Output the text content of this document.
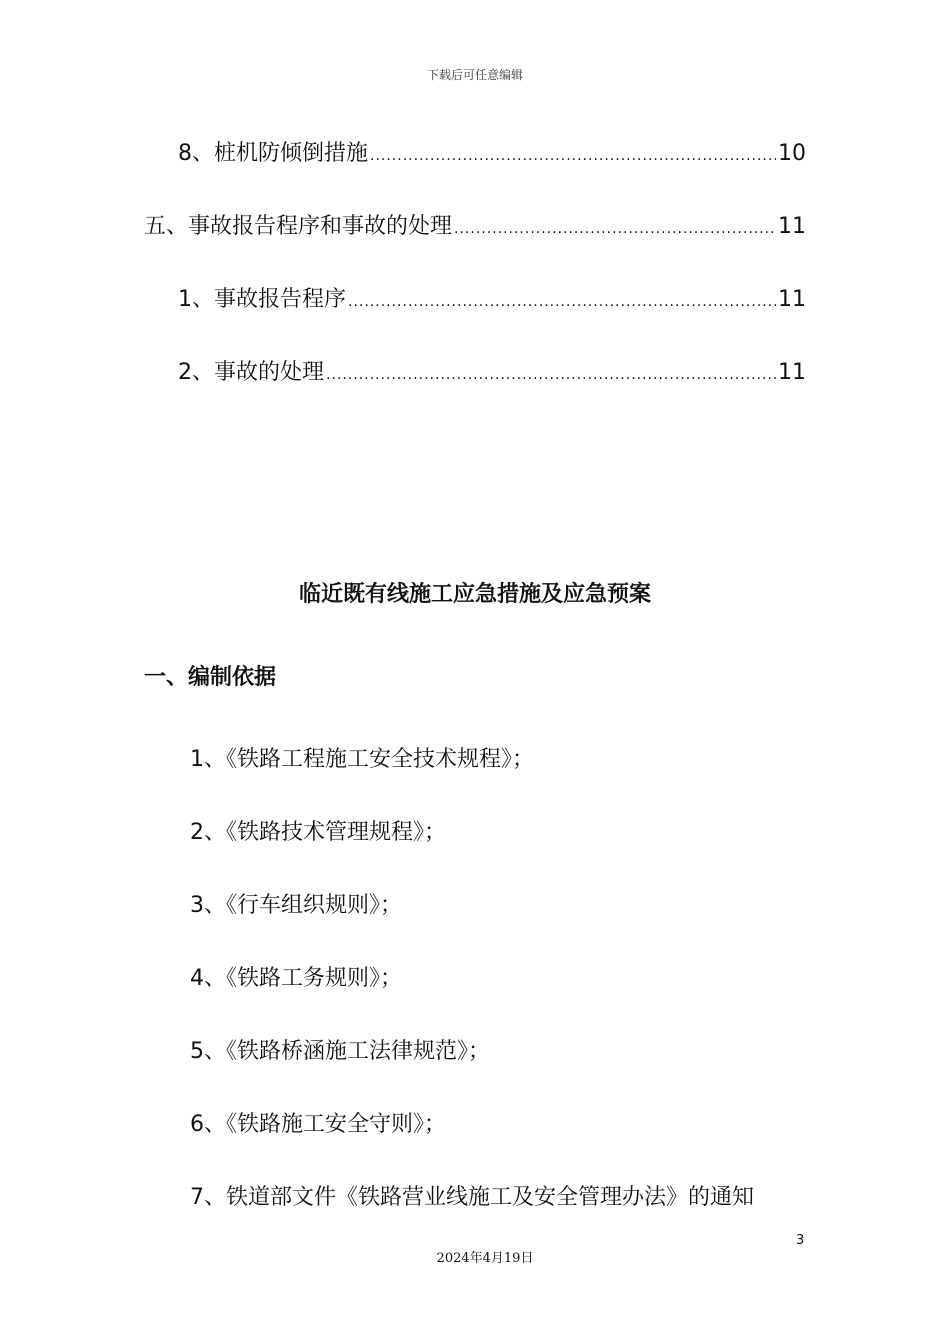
下载后可任意编辑
8、桩机防倾倒措施 .....	10
五、事故报告程序和事故的处理 .....	11
1、事故报告程序 .....	11
2、事故的处理 .....	11
临近既有线施工应急措施及应急预案
一、编制依据
1、《铁路工程施工安全技术规程》；
2、《铁路技术管理规程》；
3、《行车组织规则》；
4、《铁路工务规则》；
5、《铁路桥涵施工法律规范》；
6、《铁路施工安全守则》；
7、铁道部文件《铁路营业线施工及安全管理办法》的通知
3
2024年4月19日
